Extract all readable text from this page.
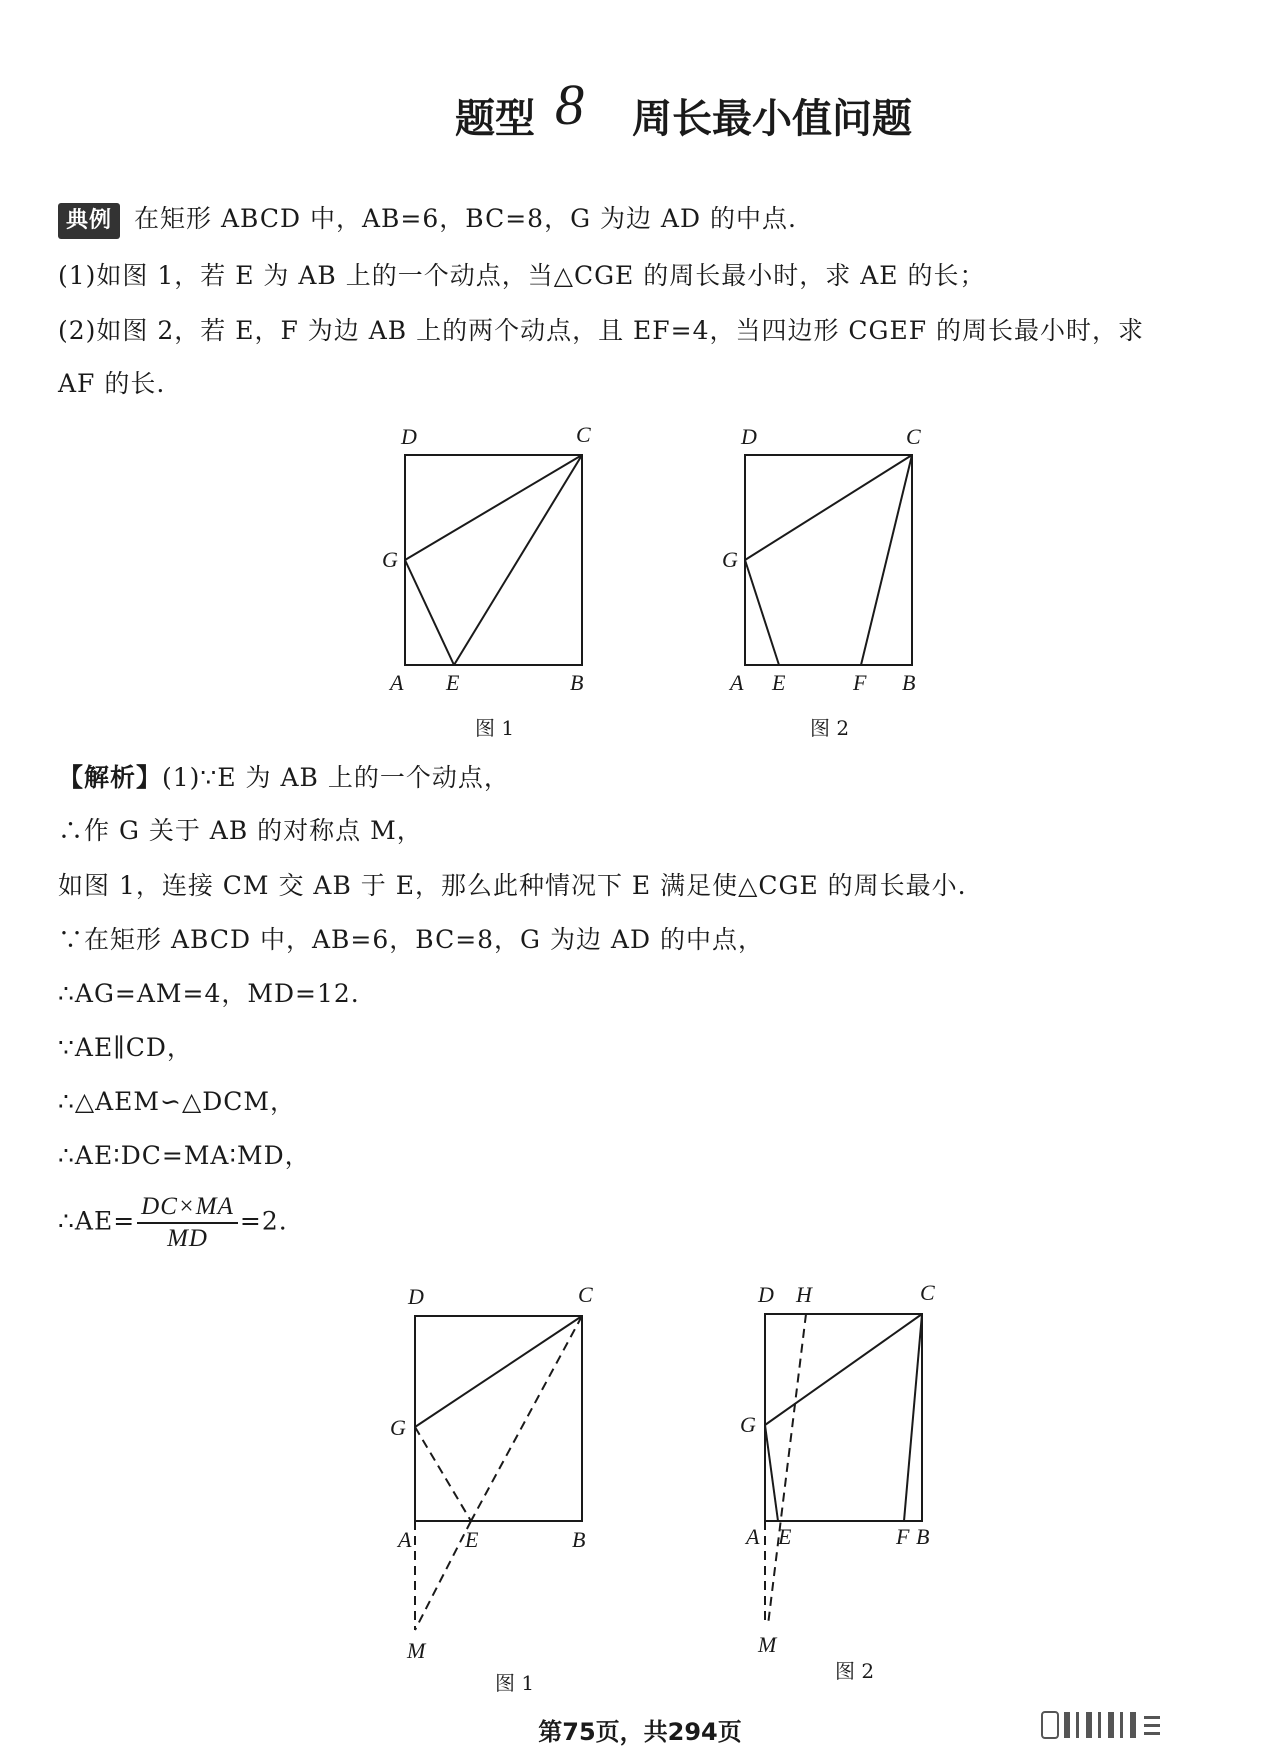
题型 8 周长最小值问题
典例 在矩形 ABCD 中，AB=6，BC=8，G 为边 AD 的中点.
(1)如图 1，若 E 为 AB 上的一个动点，当△CGE 的周长最小时，求 AE 的长；
(2)如图 2，若 E，F 为边 AB 上的两个动点，且 EF=4，当四边形 CGEF 的周长最小时，求
AF 的长.
D	C
G
A E	B
图 1
D	C
G
A E	F B
图 2
【解析】(1)∵E 为 AB 上的一个动点，
∴作 G 关于 AB 的对称点 M，
如图 1，连接 CM 交 AB 于 E，那么此种情况下 E 满足使△CGE 的周长最小.
∵在矩形 ABCD 中，AB=6，BC=8，G 为边 AD 的中点，
∴AG=AM=4，MD=12.
∵AE∥CD，
∴△AEM∽△DCM，
∴AE∶DC=MA∶MD，
∴AE= $\frac{DC\times MA}{MD} =2$.
D	C
G
A E	B
M
图 1
D H	C
G
A E	F B
M
图 2
第75页，共294页
